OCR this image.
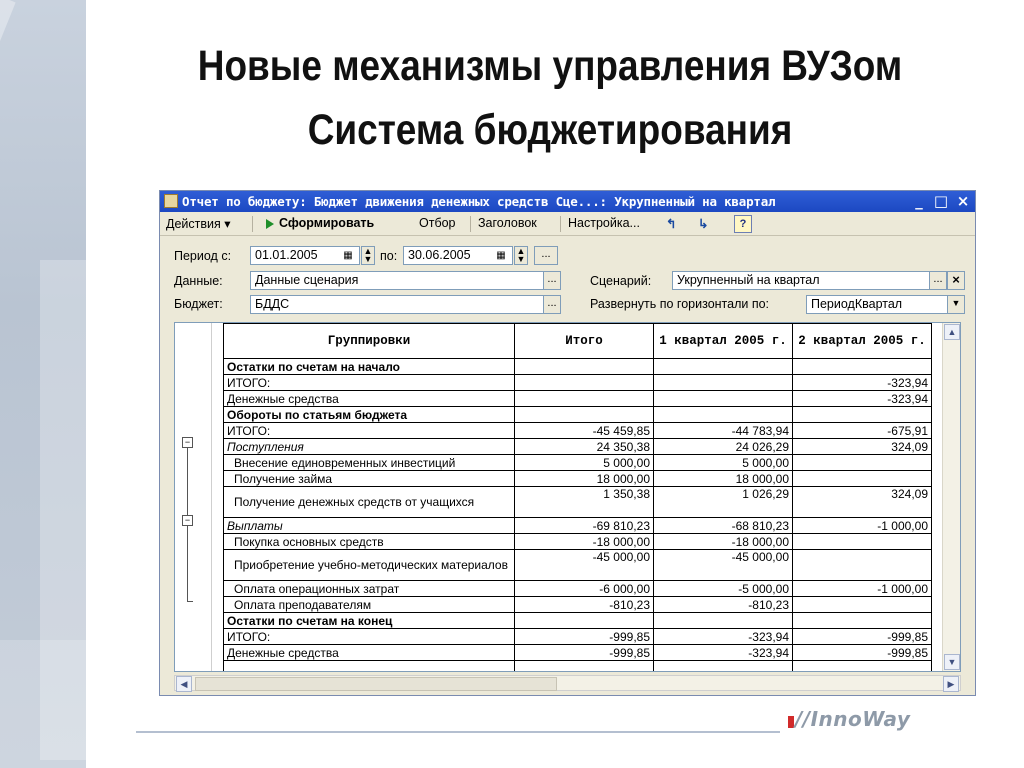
Новые механизмы управления ВУЗом
Система бюджетирования
Отчет по бюджету: Бюджет движения денежных средств Сце...: Укрупненный на квартал	_ □ ×
Действия ▾	Сформировать	Отбор Заголовок Настройка... ↰ ↳	?
Период с:	01.01.2005	▦ ▲
▼ по: 30.06.2005	▦ ▲
▼	...
Данные:	Данные сценария	...
Бюджет:	БДДС	...
Сценарий:	Укрупненный на квартал	... ×
Развернуть по горизонтали по:	ПериодКвартал	▼
−
−
Группировки	Итого	1 квартал 2005 г.	2 квартал 2005 г.
Остатки по счетам на начало			
ИТОГО:			-323,94
Денежные средства			-323,94
Обороты по статьям бюджета			
ИТОГО:	-45 459,85	-44 783,94	-675,91
Поступления	24 350,38	24 026,29	324,09
Внесение единовременных инвестиций	5 000,00	5 000,00	
Получение займа	18 000,00	18 000,00	
Получение денежных средств от учащихся	1 350,38	1 026,29	324,09
Выплаты	-69 810,23	-68 810,23	-1 000,00
Покупка основных средств	-18 000,00	-18 000,00	
Приобретение учебно-методических материалов	-45 000,00	-45 000,00	
Оплата операционных затрат	-6 000,00	-5 000,00	-1 000,00
Оплата преподавателям	-810,23	-810,23	
Остатки по счетам на конец			
ИТОГО:	-999,85	-323,94	-999,85
Денежные средства	-999,85	-323,94	-999,85

▲
▼
◀	▶
//InnoWay
